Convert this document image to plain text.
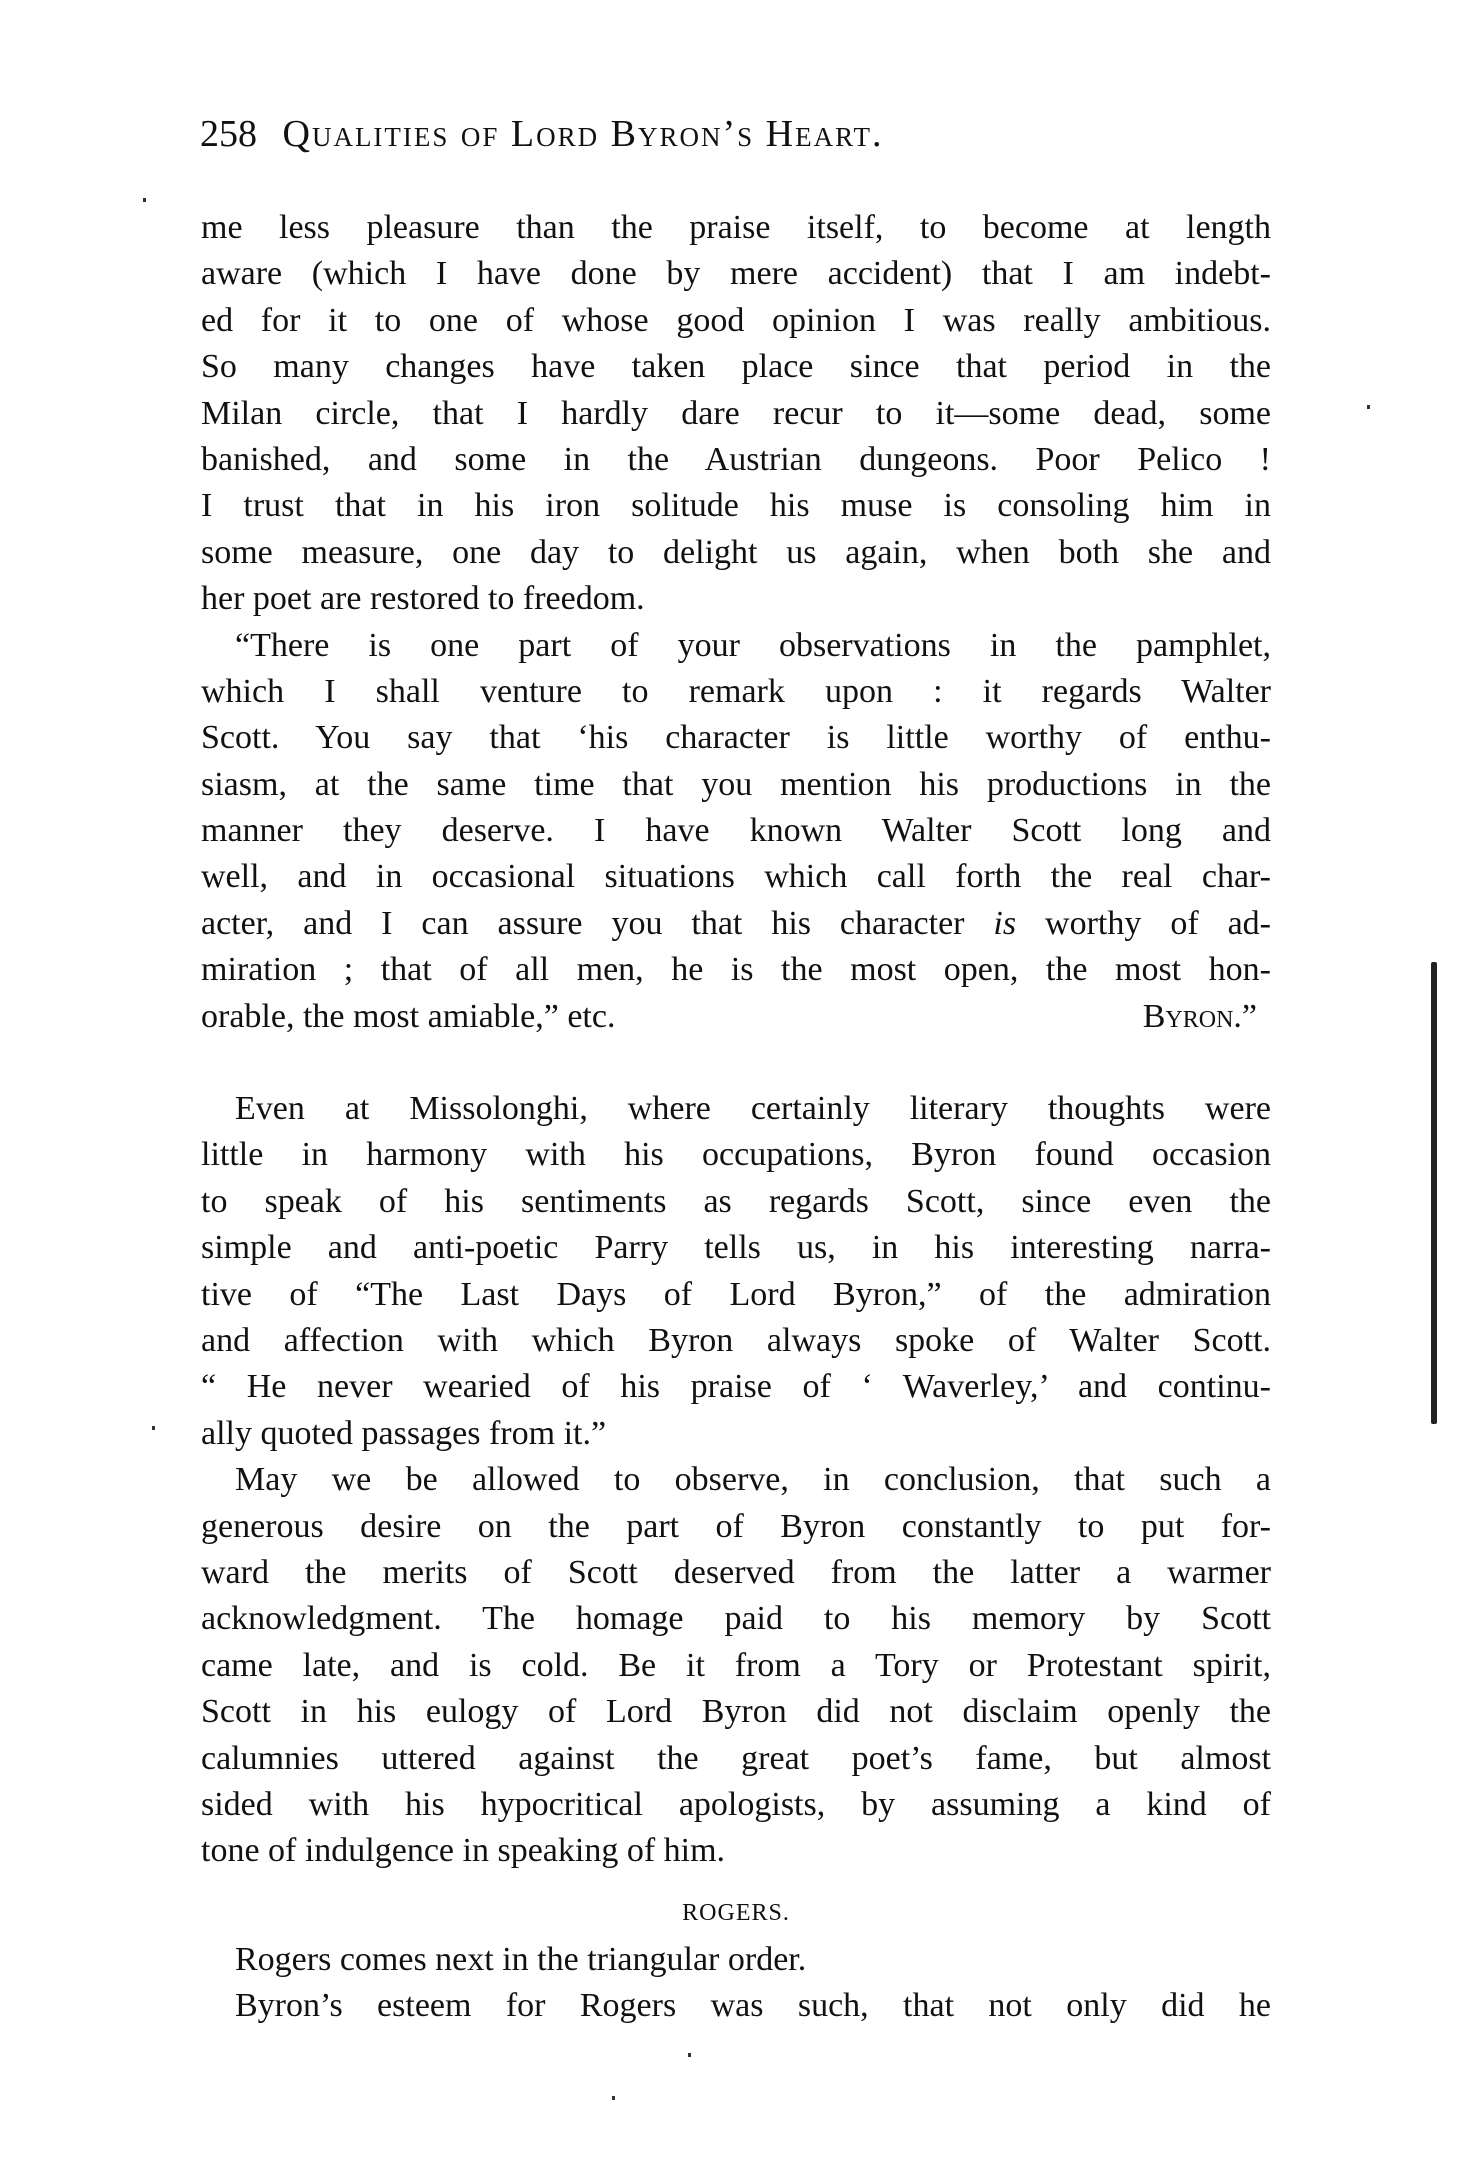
258 Qualities of Lord Byron’s Heart.
me less pleasure than the praise itself, to become at length
aware (which I have done by mere accident) that I am indebt-
ed for it to one of whose good opinion I was really ambitious.
So many changes have taken place since that period in the
Milan circle, that I hardly dare recur to it—some dead, some
banished, and some in the Austrian dungeons. Poor Pelico !
I trust that in his iron solitude his muse is consoling him in
some measure, one day to delight us again, when both she and
her poet are restored to freedom.
“There is one part of your observations in the pamphlet,
which I shall venture to remark upon : it regards Walter
Scott. You say that ‘his character is little worthy of enthu-
siasm, at the same time that you mention his productions in the
manner they deserve. I have known Walter Scott long and
well, and in occasional situations which call forth the real char-
acter, and I can assure you that his character is worthy of ad-
miration ; that of all men, he is the most open, the most hon-
orable, the most amiable,” etc.	Byron.”
Even at Missolonghi, where certainly literary thoughts were
little in harmony with his occupations, Byron found occasion
to speak of his sentiments as regards Scott, since even the
simple and anti-poetic Parry tells us, in his interesting narra-
tive of “The Last Days of Lord Byron,” of the admiration
and affection with which Byron always spoke of Walter Scott.
“ He never wearied of his praise of ‘ Waverley,’ and continu-
ally quoted passages from it.”
May we be allowed to observe, in conclusion, that such a
generous desire on the part of Byron constantly to put for-
ward the merits of Scott deserved from the latter a warmer
acknowledgment. The homage paid to his memory by Scott
came late, and is cold. Be it from a Tory or Protestant spirit,
Scott in his eulogy of Lord Byron did not disclaim openly the
calumnies uttered against the great poet’s fame, but almost
sided with his hypocritical apologists, by assuming a kind of
tone of indulgence in speaking of him.
ROGERS.
Rogers comes next in the triangular order.
Byron’s esteem for Rogers was such, that not only did he
